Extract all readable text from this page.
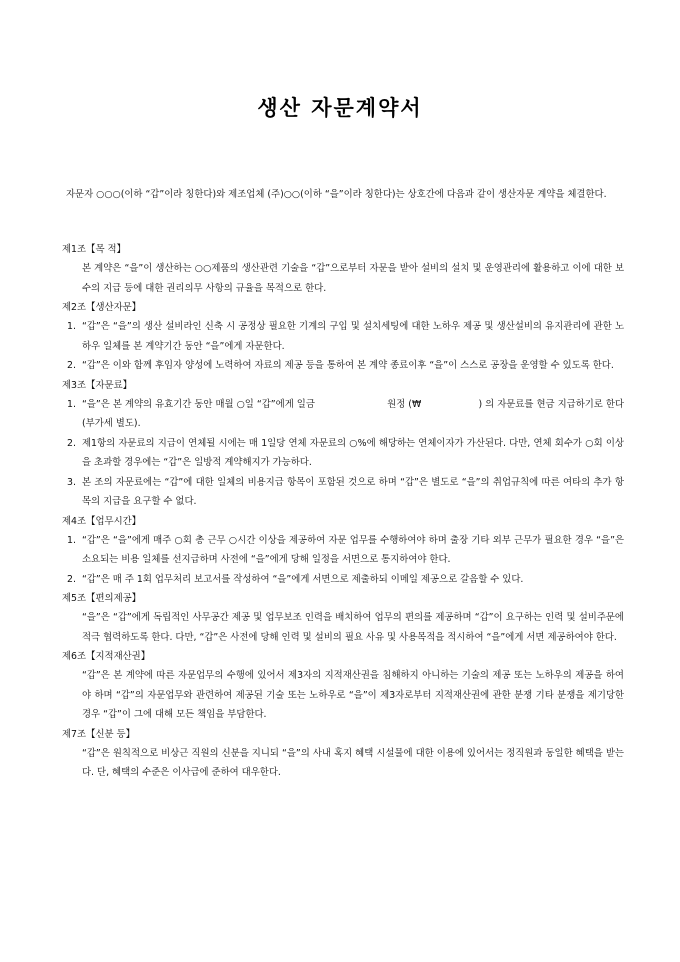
생산 자문계약서
자문자 ○○○(이하 “갑”이라 칭한다)와 제조업체 (주)○○(이하 “을”이라 칭한다)는 상호간에 다음과 같이 생산자문 계약을 체결한다.
제1조【목 적】
본 계약은 “을”이 생산하는 ○○제품의 생산관련 기술을 “갑”으로부터 자문을 받아 설비의 설치 및 운영관리에 활용하고 이에 대한 보수의 지급 등에 대한 권리의무 사항의 규율을 목적으로 한다.
제2조【생산자문】
1. “갑”은 “을”의 생산 설비라인 신축 시 공정상 필요한 기계의 구입 및 설치세팅에 대한 노하우 제공 및 생산설비의 유지관리에 관한 노하우 일체를 본 계약기간 동안 “을”에게 자문한다.
2. “갑”은 이와 함께 후임자 양성에 노력하여 자료의 제공 등을 통하여 본 계약 종료이후 “을”이 스스로 공장을 운영할 수 있도록 한다.
제3조【자문료】
1. “을”은 본 계약의 유효기간 동안 매월 ○일 “갑”에게 일금                        원정 (₩                   ) 의 자문료를 현금 지급하기로 한다(부가세 별도).
2. 제1항의 자문료의 지급이 연체될 시에는 매 1일당 연체 자문료의 ○%에 해당하는 연체이자가 가산된다. 다만, 연체 회수가 ○회 이상을 초과할 경우에는 “갑”은 일방적 계약해지가 가능하다.
3. 본 조의 자문료에는 “갑”에 대한 일체의 비용지급 항목이 포함된 것으로 하며 “갑”은 별도로 “을”의 취업규칙에 따른 여타의 추가 항목의 지급을 요구할 수 없다.
제4조【업무시간】
1. “갑”은 “을”에게 매주 ○회 총 근무 ○시간 이상을 제공하여 자문 업무를 수행하여야 하며 출장 기타 외부 근무가 필요한 경우 “을”은 소요되는 비용 일체를 선지급하며 사전에 “을”에게 당해 일정을 서면으로 통지하여야 한다.
2. “갑”은 매 주 1회 업무처리 보고서를 작성하여 “을”에게 서면으로 제출하되 이메일 제공으로 갈음할 수 있다.
제5조【편의제공】
“을”은 “갑”에게 독립적인 사무공간 제공 및 업무보조 인력을 배치하여 업무의 편의를 제공하며 “갑”이 요구하는 인력 및 설비주문에 적극 협력하도록 한다. 다만, “갑”은 사전에 당해 인력 및 설비의 필요 사유 및 사용목적을 적시하여 “을”에게 서면 제공하여야 한다.
제6조【지적재산권】
“갑”은 본 계약에 따른 자문업무의 수행에 있어서 제3자의 지적재산권을 침해하지 아니하는 기술의 제공 또는 노하우의 제공을 하여야 하며 “갑”의 자문업무와 관련하여 제공된 기술 또는 노하우로 “을”이 제3자로부터 지적재산권에 관한 분쟁 기타 분쟁을 제기당한 경우 “갑”이 그에 대해 모든 책임을 부담한다.
제7조【신분 등】
“갑”은 원칙적으로 비상근 직원의 신분을 지니되 “을”의 사내 혹지 혜택 시설물에 대한 이용에 있어서는 정직원과 동일한 혜택을 받는다. 단, 혜택의 수준은 이사급에 준하여 대우한다.
